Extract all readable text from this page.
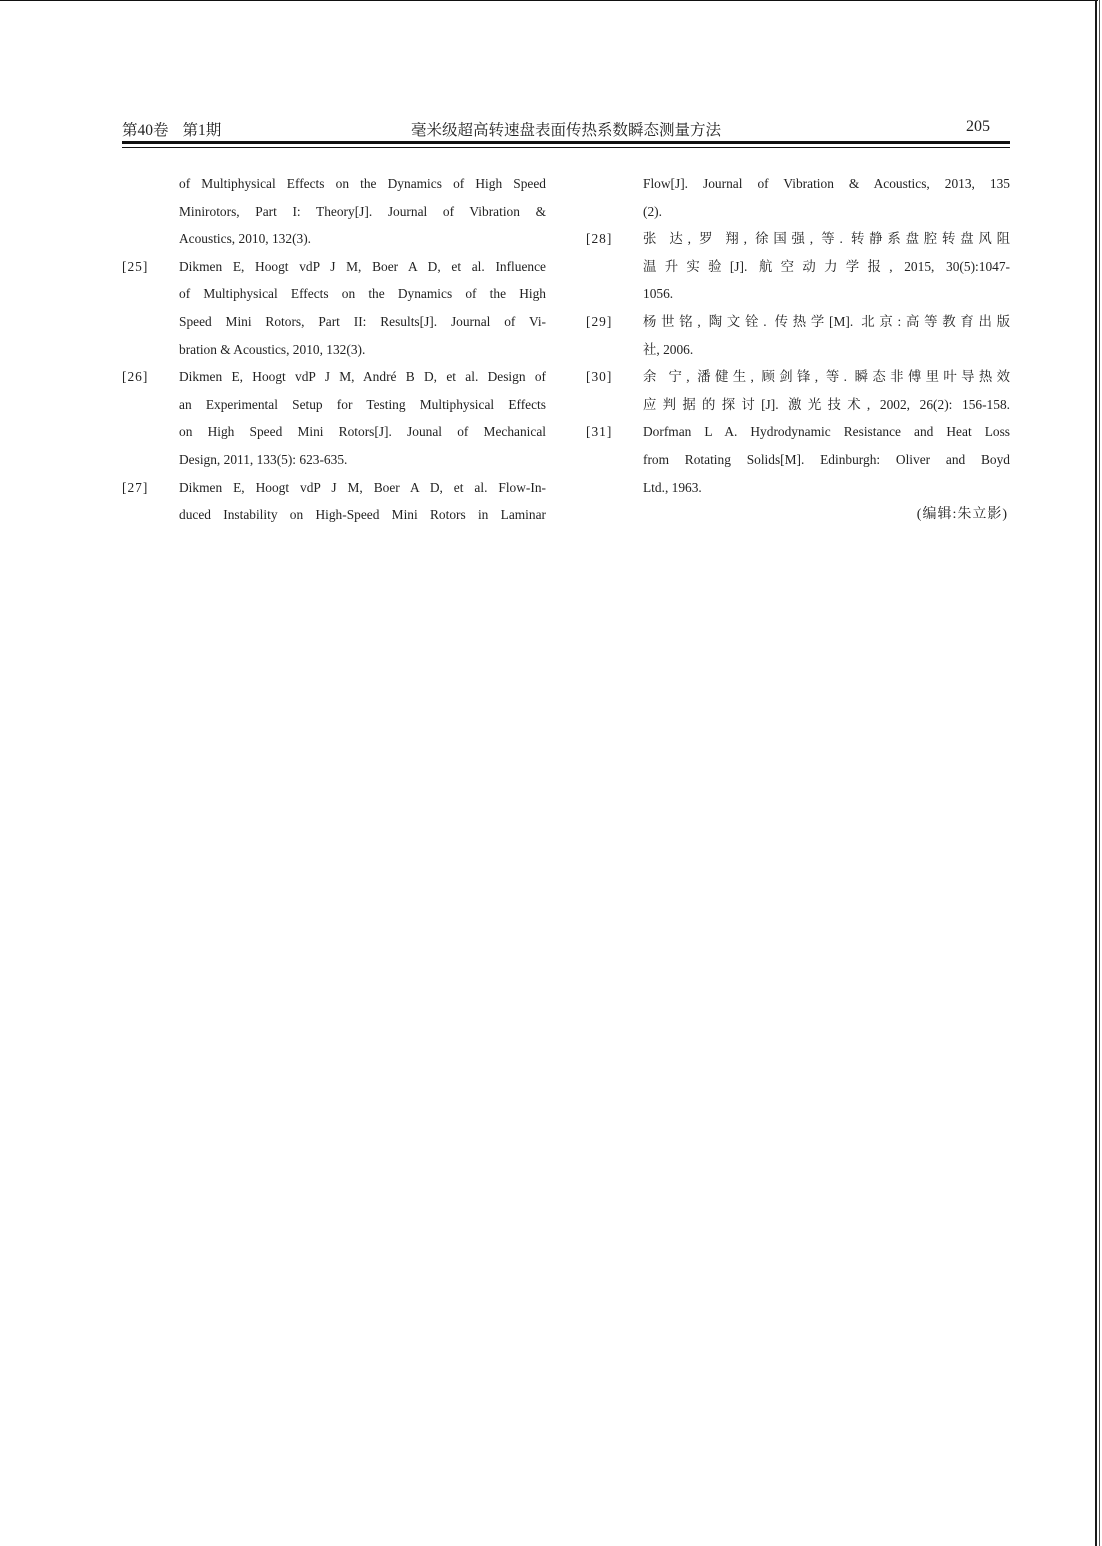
第40卷 第1期	毫米级超高转速盘表面传热系数瞬态测量方法	205
of Multiphysical Effects on the Dynamics of High Speed
Minirotors, Part I: Theory[J]. Journal of Vibration &
Acoustics, 2010, 132(3).
[25] Dikmen E, Hoogt vdP J M, Boer A D, et al. Influence
of Multiphysical Effects on the Dynamics of the High
Speed Mini Rotors, Part II: Results[J]. Journal of Vi-
bration & Acoustics, 2010, 132(3).
[26] Dikmen E, Hoogt vdP J M, André B D, et al. Design of
an Experimental Setup for Testing Multiphysical Effects
on High Speed Mini Rotors[J]. Jounal of Mechanical
Design, 2011, 133(5): 623-635.
[27] Dikmen E, Hoogt vdP J M, Boer A D, et al. Flow-In-
duced Instability on High-Speed Mini Rotors in Laminar
Flow[J]. Journal of Vibration & Acoustics, 2013, 135
(2).
[28] 张 达, 罗 翔, 徐国强, 等. 转静系盘腔转盘风阻
温升实验[J]. 航空动力学报, 2015, 30(5):1047-
1056.
[29] 杨世铭, 陶文铨. 传热学[M]. 北京:高等教育出版
社, 2006.
[30] 余 宁, 潘健生, 顾剑锋, 等. 瞬态非傅里叶导热效
应判据的探讨[J]. 激光技术, 2002, 26(2): 156-158.
[31] Dorfman L A. Hydrodynamic Resistance and Heat Loss
from Rotating Solids[M]. Edinburgh: Oliver and Boyd
Ltd., 1963.
(编辑:朱立影)
